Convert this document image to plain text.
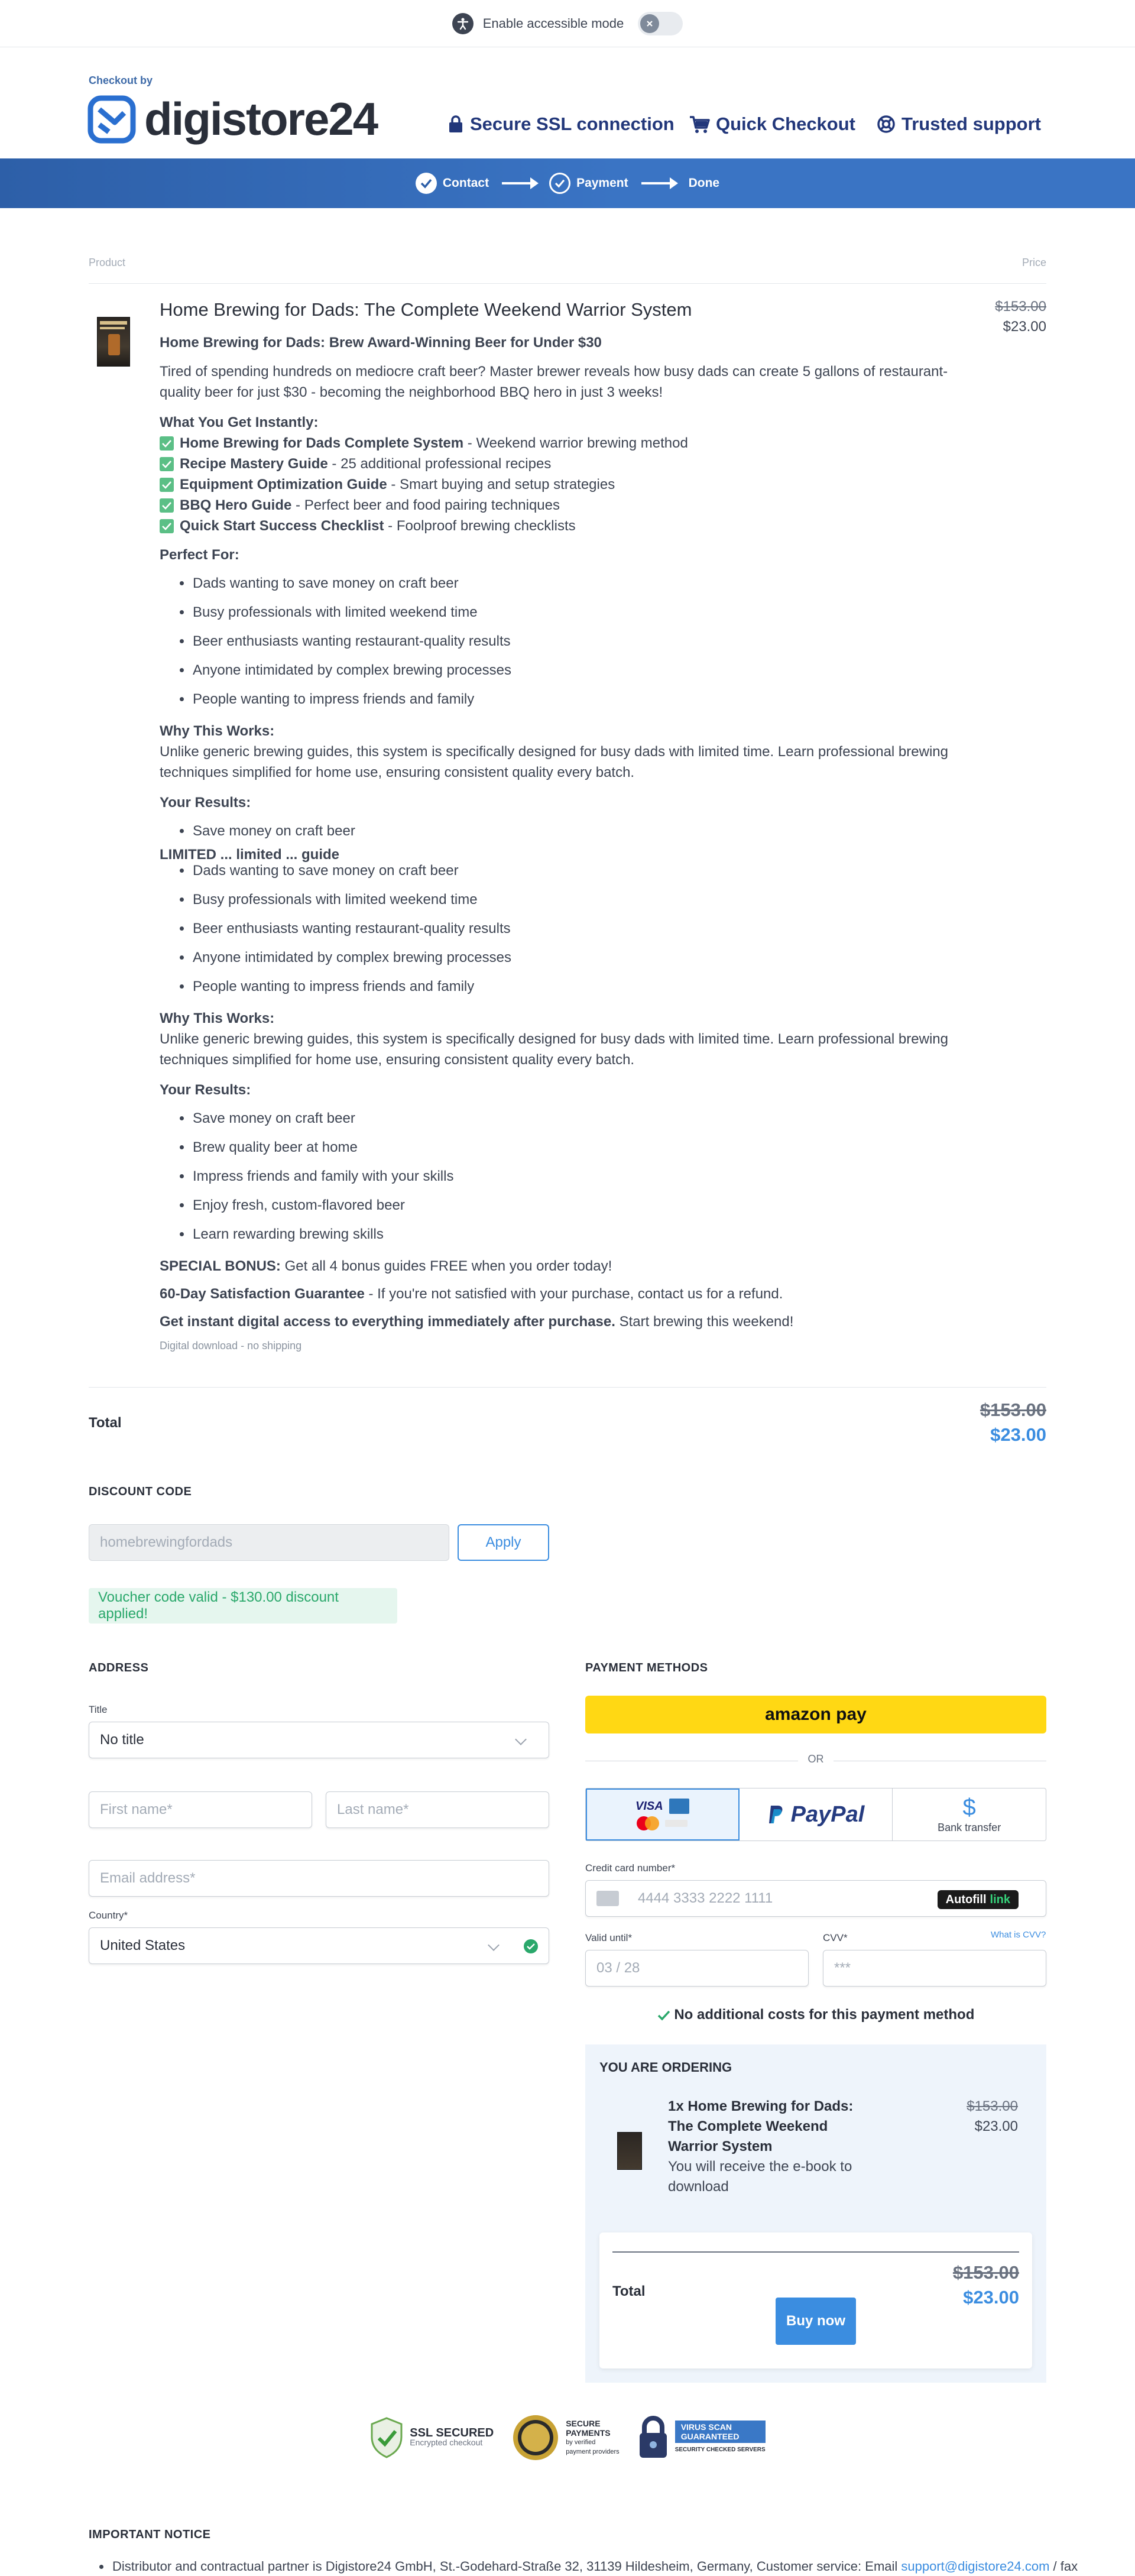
Enable accessible mode
Checkout by
digistore24	Secure SSL connection Quick Checkout	Trusted support
Contact	Payment	Done
Product	Price
Home Brewing for Dads: The Complete Weekend Warrior System
Home Brewing for Dads: Brew Award-Winning Beer for Under $30

Tired of spending hundreds on mediocre craft beer? Master brewer reveals how busy dads can create 5 gallons of restaurant-quality beer for just $30 - becoming the neighborhood BBQ hero in just 3 weeks!

What You Get Instantly:
Home Brewing for Dads Complete System - Weekend warrior brewing method
Recipe Mastery Guide - 25 additional professional recipes
Equipment Optimization Guide - Smart buying and setup strategies
BBQ Hero Guide - Perfect beer and food pairing techniques
Quick Start Success Checklist - Foolproof brewing checklists
Perfect For:
Dads wanting to save money on craft beer
Busy professionals with limited weekend time
Beer enthusiasts wanting restaurant-quality results
Anyone intimidated by complex brewing processes
People wanting to impress friends and family
Why This Works:

Unlike generic brewing guides, this system is specifically designed for busy dads with limited time. Learn professional brewing techniques simplified for home use, ensuring consistent quality every batch.

Your Results:
Save money on craft beer
LIMITED ... limited ... guide
Dads wanting to save money on craft beer
Busy professionals with limited weekend time
Beer enthusiasts wanting restaurant-quality results
Anyone intimidated by complex brewing processes
People wanting to impress friends and family
Why This Works:

Unlike generic brewing guides, this system is specifically designed for busy dads with limited time. Learn professional brewing techniques simplified for home use, ensuring consistent quality every batch.

Your Results:
Save money on craft beer
Brew quality beer at home
Impress friends and family with your skills
Enjoy fresh, custom-flavored beer
Learn rewarding brewing skills

SPECIAL BONUS: Get all 4 bonus guides FREE when you order today!

60-Day Satisfaction Guarantee - If you're not satisfied with your purchase, contact us for a refund.

Get instant digital access to everything immediately after purchase. Start brewing this weekend!

Digital download - no shipping
$153.00
$23.00
Total
$153.00
$23.00
DISCOUNT CODE
homebrewingfordads	Apply
Voucher code valid - $130.00 discount applied!
ADDRESS
Title
No title
First name*	Last name*
Email address*
Country*
United States
PAYMENT METHODS
amazon pay
OR
VISA	PayPal	$
Bank transfer
Credit card number*
4444 3333 2222 1111	Autofill link
Valid until*
03 / 28
CVV*	What is CVV?
***
No additional costs for this payment method
YOU ARE ORDERING
1x Home Brewing for Dads: The Complete Weekend Warrior System
You will receive the e-book to download
$153.00
$23.00
Total
$153.00
$23.00
Buy now
SSL SECURED
Encrypted checkout
SECURE
PAYMENTS
by verified
payment providers
VIRUS SCAN
GUARANTEED
SECURITY CHECKED SERVERS
IMPORTANT NOTICE
Distributor and contractual partner is Digistore24 GmbH, St.-Godehard-Straße 32, 31139 Hildesheim, Germany, Customer service: Email support@digistore24.com / fax
